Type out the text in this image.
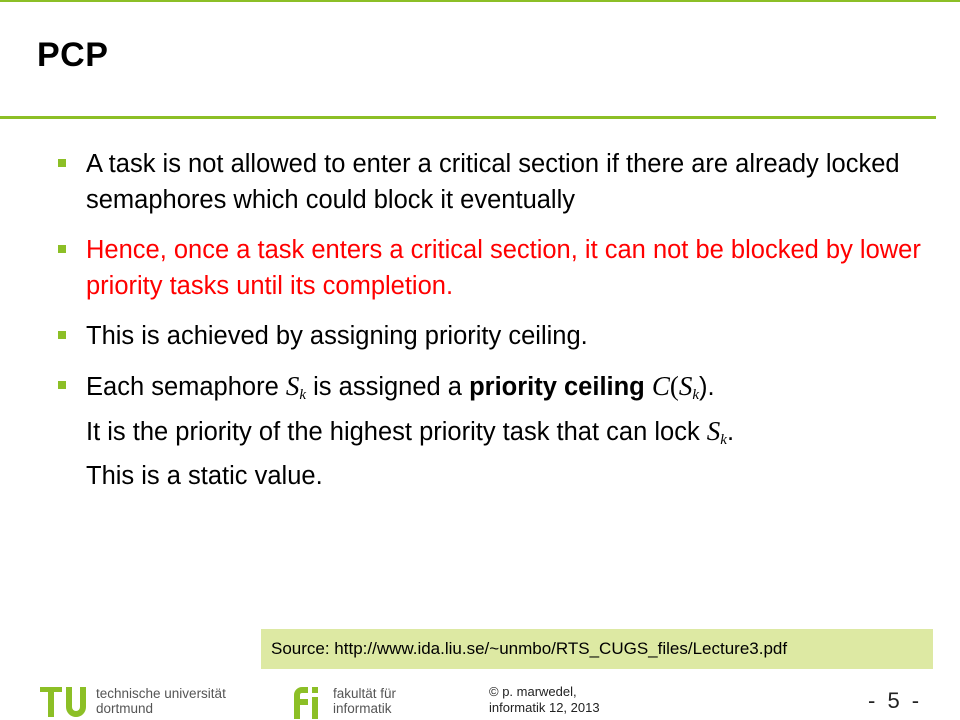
PCP
A task is not allowed to enter a critical section if there are already locked semaphores which could block it eventually
Hence, once a task enters a critical section, it can not be blocked by lower priority tasks until its completion.
This is achieved by assigning priority ceiling.
Each semaphore $S_k$ is assigned a priority ceiling $C(S_k)$.
It is the priority of the highest priority task that can lock $S_k$.
This is a static value.
Source: http://www.ida.liu.se/~unmbo/RTS_CUGS_files/Lecture3.pdf
technische universität
dortmund
fakultät für
informatik
© p. marwedel,
informatik 12, 2013	- 5 -
